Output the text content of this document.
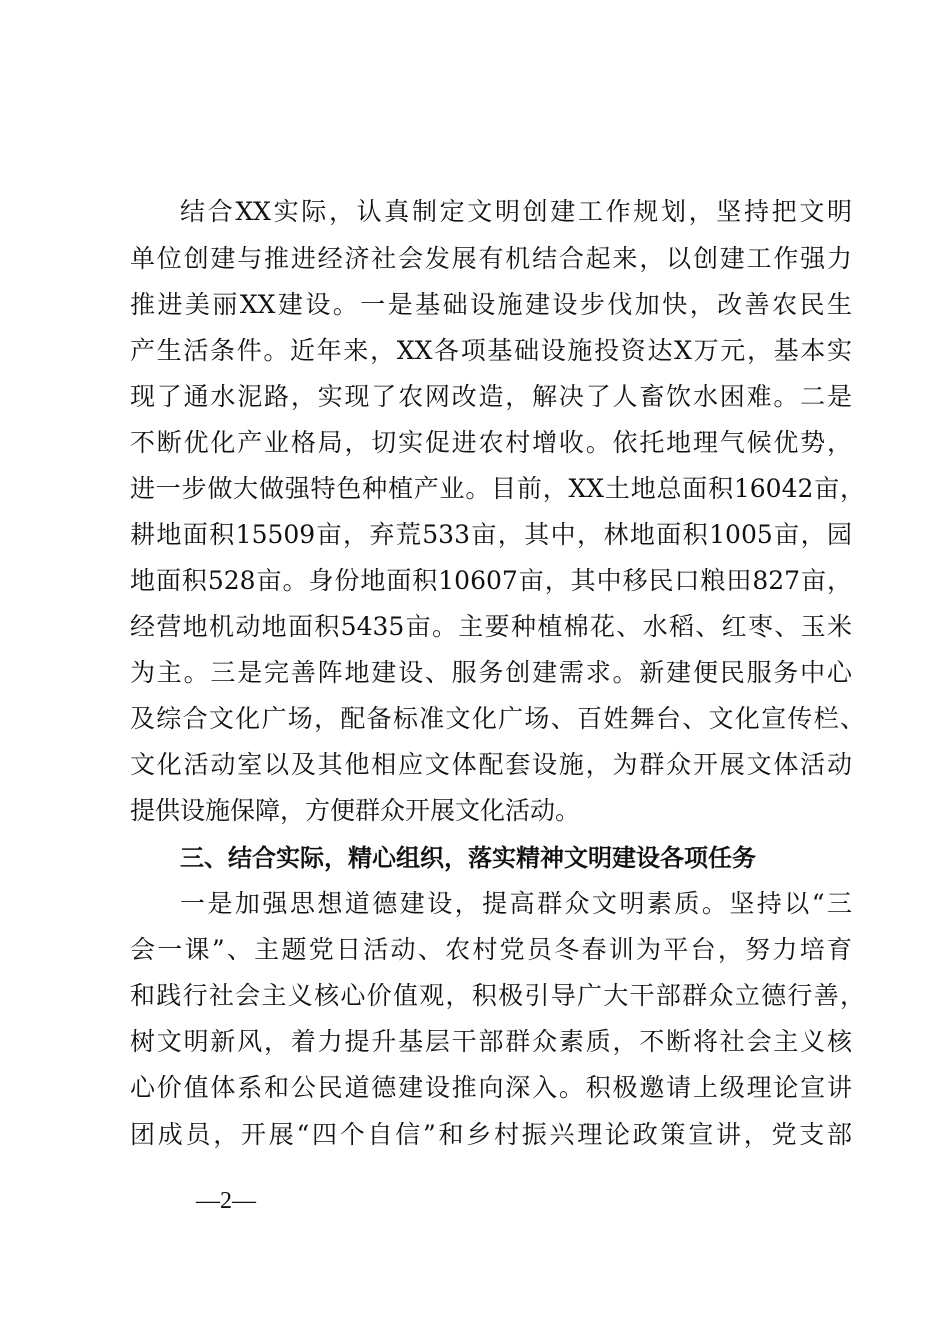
结合XX实际，认真制定文明创建工作规划，坚持把文明
单位创建与推进经济社会发展有机结合起来，以创建工作强力
推进美丽XX建设。一是基础设施建设步伐加快，改善农民生
产生活条件。近年来，XX各项基础设施投资达X万元，基本实
现了通水泥路，实现了农网改造，解决了人畜饮水困难。二是
不断优化产业格局，切实促进农村增收。依托地理气候优势，
进一步做大做强特色种植产业。目前，XX土地总面积16042亩，
耕地面积15509亩，弃荒533亩，其中，林地面积1005亩，园
地面积528亩。身份地面积10607亩，其中移民口粮田827亩，
经营地机动地面积5435亩。主要种植棉花、水稻、红枣、玉米
为主。三是完善阵地建设、服务创建需求。新建便民服务中心
及综合文化广场，配备标准文化广场、百姓舞台、文化宣传栏、
文化活动室以及其他相应文体配套设施，为群众开展文体活动
提供设施保障，方便群众开展文化活动。
三、结合实际，精心组织，落实精神文明建设各项任务
一是加强思想道德建设，提高群众文明素质。坚持以“三
会一课”、主题党日活动、农村党员冬春训为平台，努力培育
和践行社会主义核心价值观，积极引导广大干部群众立德行善，
树文明新风，着力提升基层干部群众素质，不断将社会主义核
心价值体系和公民道德建设推向深入。积极邀请上级理论宣讲
团成员，开展“四个自信”和乡村振兴理论政策宣讲，党支部
—2—
